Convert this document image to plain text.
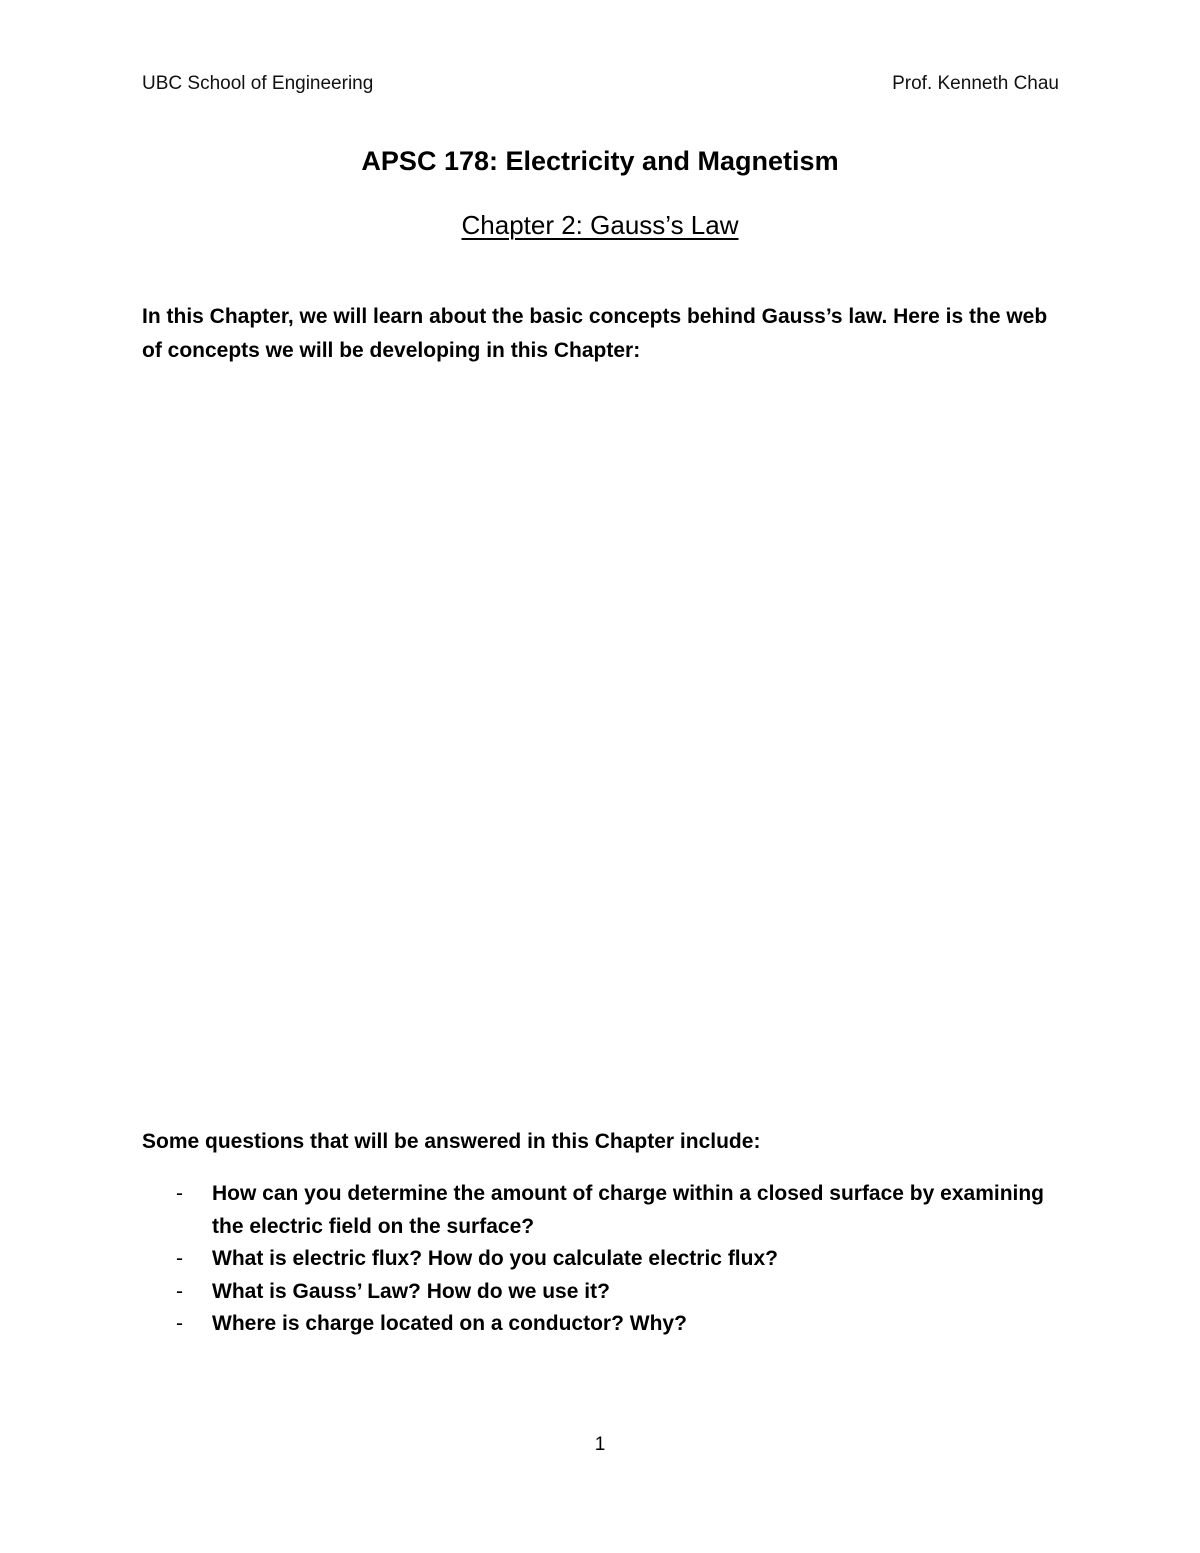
UBC School of Engineering	Prof. Kenneth Chau
APSC 178: Electricity and Magnetism
Chapter 2: Gauss’s Law

In this Chapter, we will learn about the basic concepts behind Gauss’s law. Here is the web of concepts we will be developing in this Chapter:

Some questions that will be answered in this Chapter include:

- How can you determine the amount of charge within a closed surface by examining the electric field on the surface?
- What is electric flux? How do you calculate electric flux?
- What is Gauss’ Law? How do we use it?
- Where is charge located on a conductor? Why?
1
